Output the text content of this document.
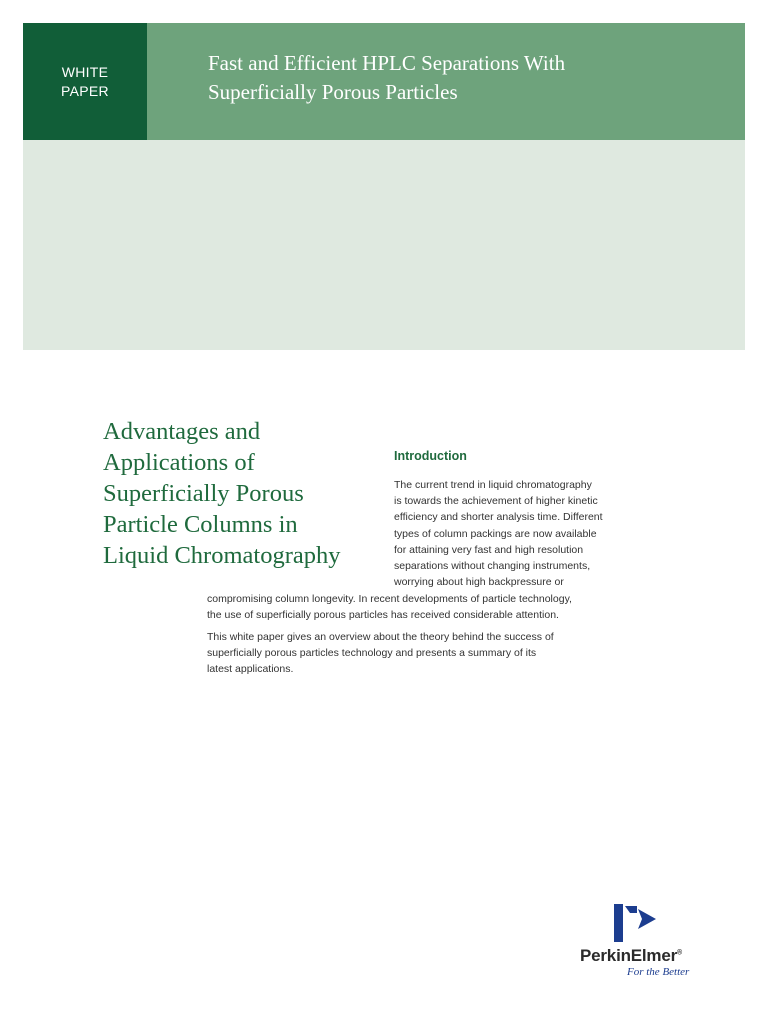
WHITE
PAPER
Fast and Efficient HPLC Separations With
Superficially Porous Particles
Advantages and
Applications of
Superficially Porous
Particle Columns in
Liquid Chromatography
Introduction
The current trend in liquid chromatography
is towards the achievement of higher kinetic
efficiency and shorter analysis time. Different
types of column packings are now available
for attaining very fast and high resolution
separations without changing instruments,
worrying about high backpressure or
compromising column longevity. In recent developments of particle technology,
the use of superficially porous particles has received considerable attention.
This white paper gives an overview about the theory behind the success of
superficially porous particles technology and presents a summary of its
latest applications.
PerkinElmer®
For the Better
